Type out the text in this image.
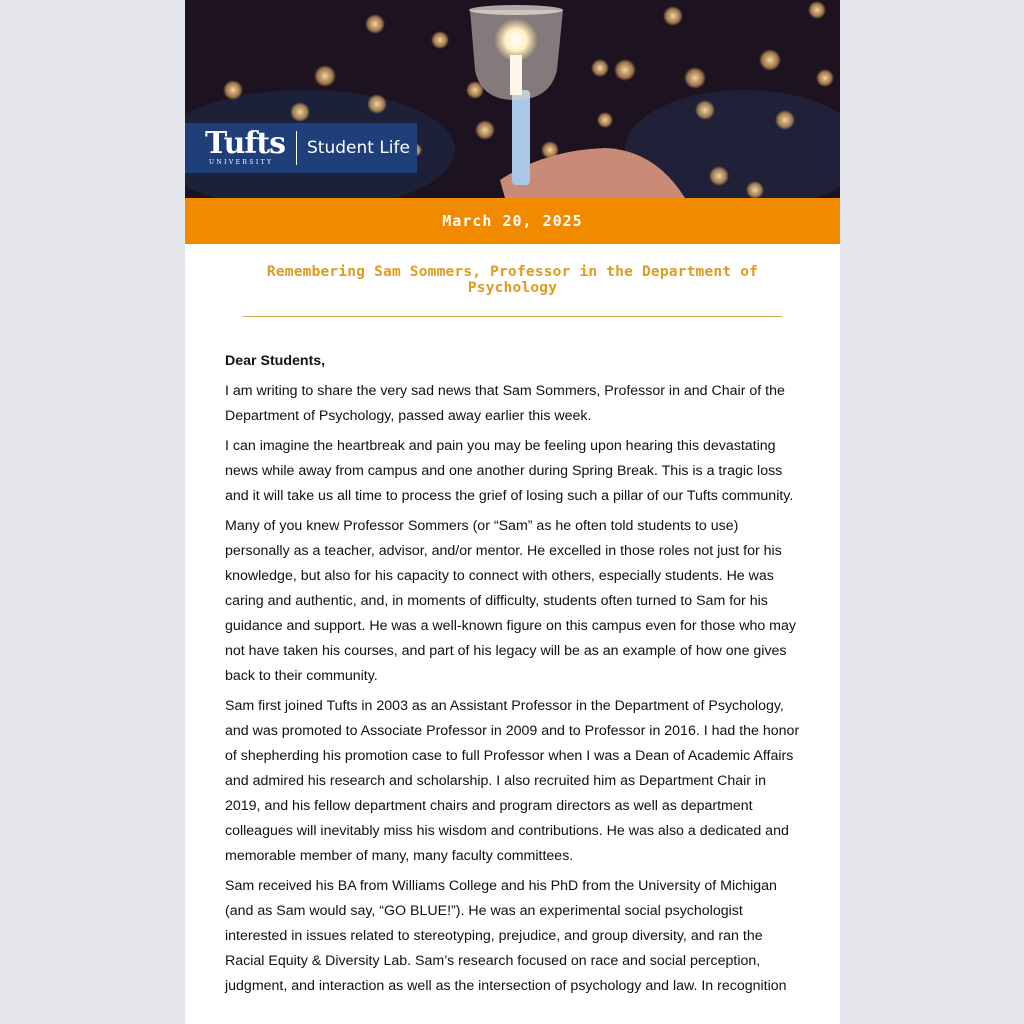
Tufts
UNIVERSITY
Student Life
March 20, 2025
Remembering Sam Sommers, Professor in the Department of Psychology

Dear Students,

I am writing to share the very sad news that Sam Sommers, Professor in and Chair of the Department of Psychology, passed away earlier this week.

I can imagine the heartbreak and pain you may be feeling upon hearing this devastating news while away from campus and one another during Spring Break. This is a tragic loss and it will take us all time to process the grief of losing such a pillar of our Tufts community.

Many of you knew Professor Sommers (or “Sam” as he often told students to use) personally as a teacher, advisor, and/or mentor. He excelled in those roles not just for his knowledge, but also for his capacity to connect with others, especially students. He was caring and authentic, and, in moments of difficulty, students often turned to Sam for his guidance and support. He was a well-known figure on this campus even for those who may not have taken his courses, and part of his legacy will be as an example of how one gives back to their community.

Sam first joined Tufts in 2003 as an Assistant Professor in the Department of Psychology, and was promoted to Associate Professor in 2009 and to Professor in 2016. I had the honor of shepherding his promotion case to full Professor when I was a Dean of Academic Affairs and admired his research and scholarship. I also recruited him as Department Chair in 2019, and his fellow department chairs and program directors as well as department colleagues will inevitably miss his wisdom and contributions. He was also a dedicated and memorable member of many, many faculty committees.

Sam received his BA from Williams College and his PhD from the University of Michigan (and as Sam would say, “GO BLUE!”). He was an experimental social psychologist interested in issues related to stereotyping, prejudice, and group diversity, and ran the Racial Equity & Diversity Lab. Sam’s research focused on race and social perception, judgment, and interaction as well as the intersection of psychology and law. In recognition
